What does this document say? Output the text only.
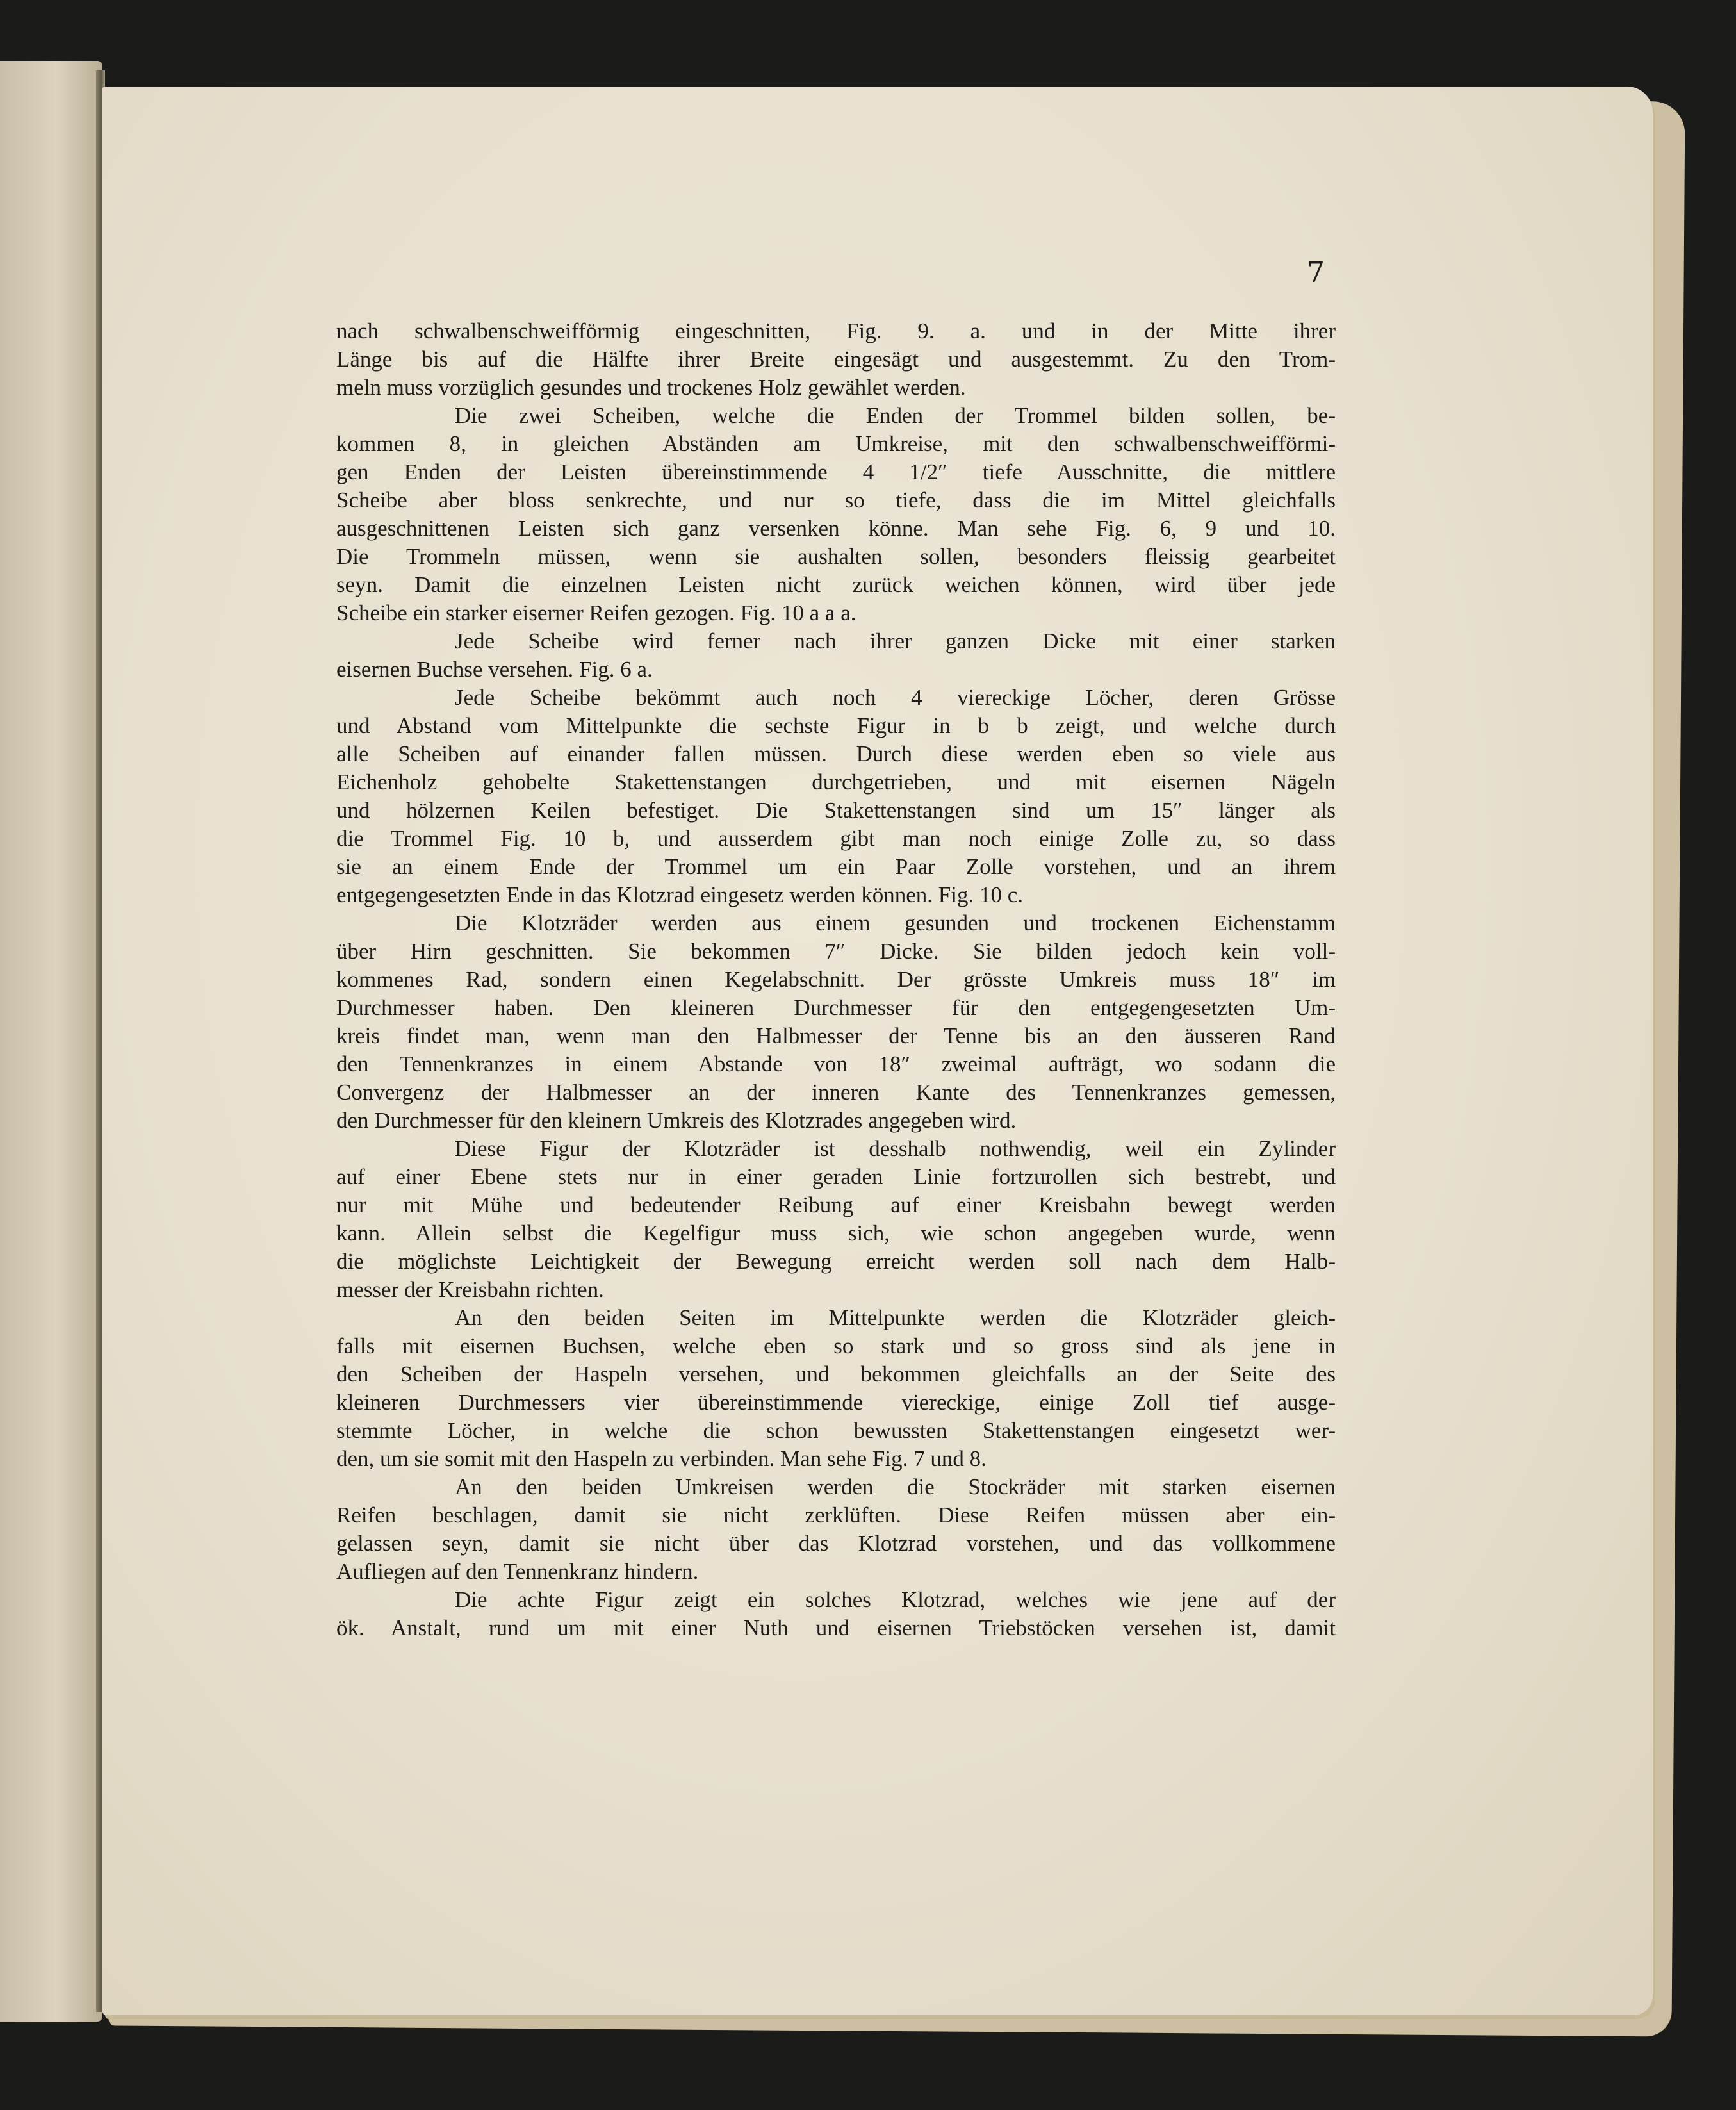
7
nach schwalbenschweifförmig eingeschnitten, Fig. 9. a. und in der Mitte ihrer
Länge bis auf die Hälfte ihrer Breite eingesägt und ausgestemmt. Zu den Trom-
meln muss vorzüglich gesundes und trockenes Holz gewählet werden.
Die zwei Scheiben, welche die Enden der Trommel bilden sollen, be-
kommen 8, in gleichen Abständen am Umkreise, mit den schwalbenschweifförmi-
gen Enden der Leisten übereinstimmende 4 1/2″ tiefe Ausschnitte, die mittlere
Scheibe aber bloss senkrechte, und nur so tiefe, dass die im Mittel gleichfalls
ausgeschnittenen Leisten sich ganz versenken könne. Man sehe Fig. 6, 9 und 10.
Die Trommeln müssen, wenn sie aushalten sollen, besonders fleissig gearbeitet
seyn. Damit die einzelnen Leisten nicht zurück weichen können, wird über jede
Scheibe ein starker eiserner Reifen gezogen. Fig. 10 a a a.
Jede Scheibe wird ferner nach ihrer ganzen Dicke mit einer starken
eisernen Buchse versehen. Fig. 6 a.
Jede Scheibe bekömmt auch noch 4 viereckige Löcher, deren Grösse
und Abstand vom Mittelpunkte die sechste Figur in b b zeigt, und welche durch
alle Scheiben auf einander fallen müssen. Durch diese werden eben so viele aus
Eichenholz gehobelte Stakettenstangen durchgetrieben, und mit eisernen Nägeln
und hölzernen Keilen befestiget. Die Stakettenstangen sind um 15″ länger als
die Trommel Fig. 10 b, und ausserdem gibt man noch einige Zolle zu, so dass
sie an einem Ende der Trommel um ein Paar Zolle vorstehen, und an ihrem
entgegengesetzten Ende in das Klotzrad eingesetz werden können. Fig. 10 c.
Die Klotzräder werden aus einem gesunden und trockenen Eichenstamm
über Hirn geschnitten. Sie bekommen 7″ Dicke. Sie bilden jedoch kein voll-
kommenes Rad, sondern einen Kegelabschnitt. Der grösste Umkreis muss 18″ im
Durchmesser haben. Den kleineren Durchmesser für den entgegengesetzten Um-
kreis findet man, wenn man den Halbmesser der Tenne bis an den äusseren Rand
den Tennenkranzes in einem Abstande von 18″ zweimal aufträgt, wo sodann die
Convergenz der Halbmesser an der inneren Kante des Tennenkranzes gemessen,
den Durchmesser für den kleinern Umkreis des Klotzrades angegeben wird.
Diese Figur der Klotzräder ist desshalb nothwendig, weil ein Zylinder
auf einer Ebene stets nur in einer geraden Linie fortzurollen sich bestrebt, und
nur mit Mühe und bedeutender Reibung auf einer Kreisbahn bewegt werden
kann. Allein selbst die Kegelfigur muss sich, wie schon angegeben wurde, wenn
die möglichste Leichtigkeit der Bewegung erreicht werden soll nach dem Halb-
messer der Kreisbahn richten.
An den beiden Seiten im Mittelpunkte werden die Klotzräder gleich-
falls mit eisernen Buchsen, welche eben so stark und so gross sind als jene in
den Scheiben der Haspeln versehen, und bekommen gleichfalls an der Seite des
kleineren Durchmessers vier übereinstimmende viereckige, einige Zoll tief ausge-
stemmte Löcher, in welche die schon bewussten Stakettenstangen eingesetzt wer-
den, um sie somit mit den Haspeln zu verbinden. Man sehe Fig. 7 und 8.
An den beiden Umkreisen werden die Stockräder mit starken eisernen
Reifen beschlagen, damit sie nicht zerklüften. Diese Reifen müssen aber ein-
gelassen seyn, damit sie nicht über das Klotzrad vorstehen, und das vollkommene
Aufliegen auf den Tennenkranz hindern.
Die achte Figur zeigt ein solches Klotzrad, welches wie jene auf der
ök. Anstalt, rund um mit einer Nuth und eisernen Triebstöcken versehen ist, damit
